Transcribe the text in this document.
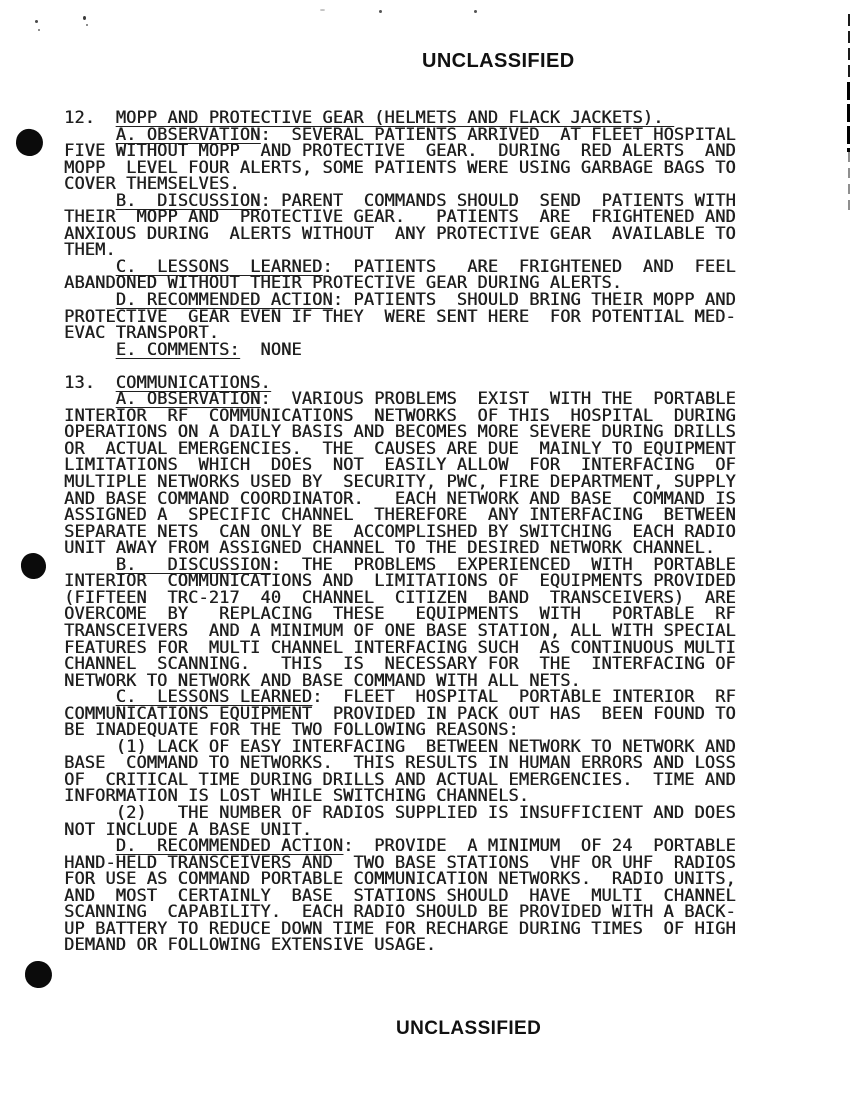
UNCLASSIFIED
12.  MOPP AND PROTECTIVE GEAR (HELMETS AND FLACK JACKETS).
A. OBSERVATION:  SEVERAL PATIENTS ARRIVED  AT FLEET HOSPITAL
FIVE WITHOUT MOPP  AND PROTECTIVE  GEAR.  DURING  RED ALERTS  AND
MOPP  LEVEL FOUR ALERTS, SOME PATIENTS WERE USING GARBAGE BAGS TO
COVER THEMSELVES.
B.  DISCUSSION: PARENT  COMMANDS SHOULD  SEND  PATIENTS WITH
THEIR  MOPP AND  PROTECTIVE GEAR.   PATIENTS  ARE  FRIGHTENED AND
ANXIOUS DURING  ALERTS WITHOUT  ANY PROTECTIVE GEAR  AVAILABLE TO
THEM.
C.  LESSONS  LEARNED:  PATIENTS   ARE  FRIGHTENED  AND  FEEL
ABANDONED WITHOUT THEIR PROTECTIVE GEAR DURING ALERTS.
D. RECOMMENDED ACTION: PATIENTS  SHOULD BRING THEIR MOPP AND
PROTECTIVE  GEAR EVEN IF THEY  WERE SENT HERE  FOR POTENTIAL MED-
EVAC TRANSPORT.
E. COMMENTS:  NONE
13.  COMMUNICATIONS.
A. OBSERVATION:  VARIOUS PROBLEMS  EXIST  WITH THE  PORTABLE
INTERIOR  RF  COMMUNICATIONS  NETWORKS  OF THIS  HOSPITAL  DURING
OPERATIONS ON A DAILY BASIS AND BECOMES MORE SEVERE DURING DRILLS
OR  ACTUAL EMERGENCIES.  THE  CAUSES ARE DUE  MAINLY TO EQUIPMENT
LIMITATIONS  WHICH  DOES  NOT  EASILY ALLOW  FOR  INTERFACING  OF
MULTIPLE NETWORKS USED BY  SECURITY, PWC, FIRE DEPARTMENT, SUPPLY
AND BASE COMMAND COORDINATOR.   EACH NETWORK AND BASE  COMMAND IS
ASSIGNED A  SPECIFIC CHANNEL  THEREFORE  ANY INTERFACING  BETWEEN
SEPARATE NETS  CAN ONLY BE  ACCOMPLISHED BY SWITCHING  EACH RADIO
UNIT AWAY FROM ASSIGNED CHANNEL TO THE DESIRED NETWORK CHANNEL.
B.   DISCUSSION:  THE  PROBLEMS  EXPERIENCED  WITH  PORTABLE
INTERIOR  COMMUNICATIONS AND  LIMITATIONS OF  EQUIPMENTS PROVIDED
(FIFTEEN  TRC-217  40  CHANNEL  CITIZEN  BAND  TRANSCEIVERS)  ARE
OVERCOME  BY   REPLACING  THESE   EQUIPMENTS  WITH   PORTABLE  RF
TRANSCEIVERS  AND A MINIMUM OF ONE BASE STATION, ALL WITH SPECIAL
FEATURES FOR  MULTI CHANNEL INTERFACING SUCH  AS CONTINUOUS MULTI
CHANNEL  SCANNING.   THIS  IS  NECESSARY FOR  THE  INTERFACING OF
NETWORK TO NETWORK AND BASE COMMAND WITH ALL NETS.
C.  LESSONS LEARNED:  FLEET  HOSPITAL  PORTABLE INTERIOR  RF
COMMUNICATIONS EQUIPMENT  PROVIDED IN PACK OUT HAS  BEEN FOUND TO
BE INADEQUATE FOR THE TWO FOLLOWING REASONS:
(1) LACK OF EASY INTERFACING  BETWEEN NETWORK TO NETWORK AND
BASE  COMMAND TO NETWORKS.  THIS RESULTS IN HUMAN ERRORS AND LOSS
OF  CRITICAL TIME DURING DRILLS AND ACTUAL EMERGENCIES.  TIME AND
INFORMATION IS LOST WHILE SWITCHING CHANNELS.
(2)   THE NUMBER OF RADIOS SUPPLIED IS INSUFFICIENT AND DOES
NOT INCLUDE A BASE UNIT.
D.  RECOMMENDED ACTION:  PROVIDE  A MINIMUM  OF 24  PORTABLE
HAND-HELD TRANSCEIVERS AND  TWO BASE STATIONS  VHF OR UHF  RADIOS
FOR USE AS COMMAND PORTABLE COMMUNICATION NETWORKS.  RADIO UNITS,
AND  MOST  CERTAINLY  BASE  STATIONS SHOULD  HAVE  MULTI  CHANNEL
SCANNING  CAPABILITY.  EACH RADIO SHOULD BE PROVIDED WITH A BACK-
UP BATTERY TO REDUCE DOWN TIME FOR RECHARGE DURING TIMES  OF HIGH
DEMAND OR FOLLOWING EXTENSIVE USAGE.
UNCLASSIFIED
